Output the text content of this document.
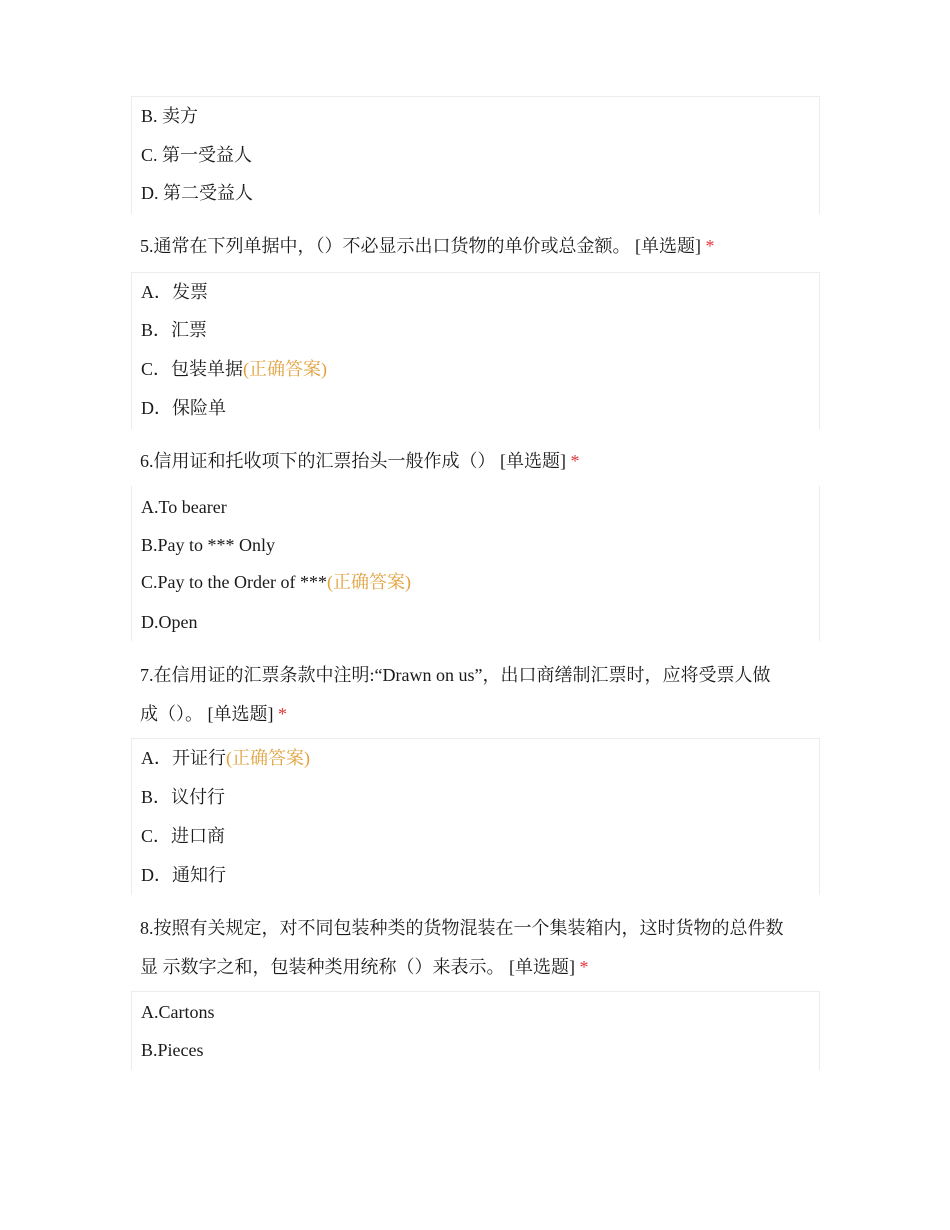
B. 卖方
C. 第一受益人
D. 第二受益人
5.通常在下列单据中，（）不必显示出口货物的单价或总金额。 [单选题] *
A．发票
B．汇票
C．包装单据(正确答案)
D．保险单
6.信用证和托收项下的汇票抬头一般作成（） [单选题] *
A.To bearer
B.Pay to *** Only
C.Pay to the Order of ***(正确答案)
D.Open
7.在信用证的汇票条款中注明:“Drawn on us”，出口商缮制汇票时，应将受票人做
成（）。 [单选题] *
A．开证行(正确答案)
B．议付行
C．进口商
D．通知行
8.按照有关规定，对不同包装种类的货物混装在一个集装箱内，这时货物的总件数
显 示数字之和，包装种类用统称（）来表示。 [单选题] *
A.Cartons
B.Pieces
